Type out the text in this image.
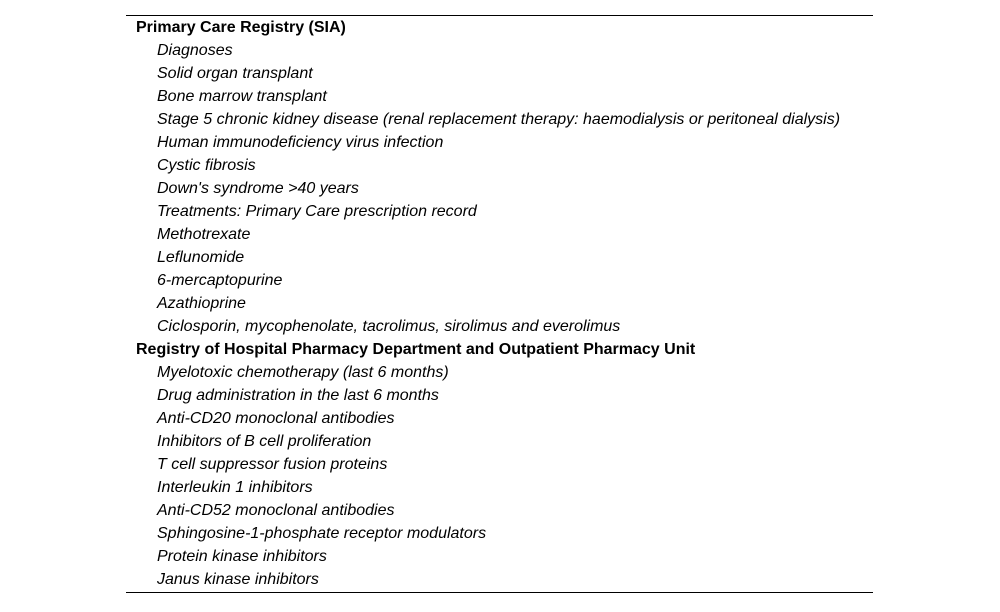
Primary Care Registry (SIA)
Diagnoses
Solid organ transplant
Bone marrow transplant
Stage 5 chronic kidney disease (renal replacement therapy: haemodialysis or peritoneal dialysis)
Human immunodeficiency virus infection
Cystic fibrosis
Down's syndrome >40 years
Treatments: Primary Care prescription record
Methotrexate
Leflunomide
6-mercaptopurine
Azathioprine
Ciclosporin, mycophenolate, tacrolimus, sirolimus and everolimus
Registry of Hospital Pharmacy Department and Outpatient Pharmacy Unit
Myelotoxic chemotherapy (last 6 months)
Drug administration in the last 6 months
Anti-CD20 monoclonal antibodies
Inhibitors of B cell proliferation
T cell suppressor fusion proteins
Interleukin 1 inhibitors
Anti-CD52 monoclonal antibodies
Sphingosine-1-phosphate receptor modulators
Protein kinase inhibitors
Janus kinase inhibitors
